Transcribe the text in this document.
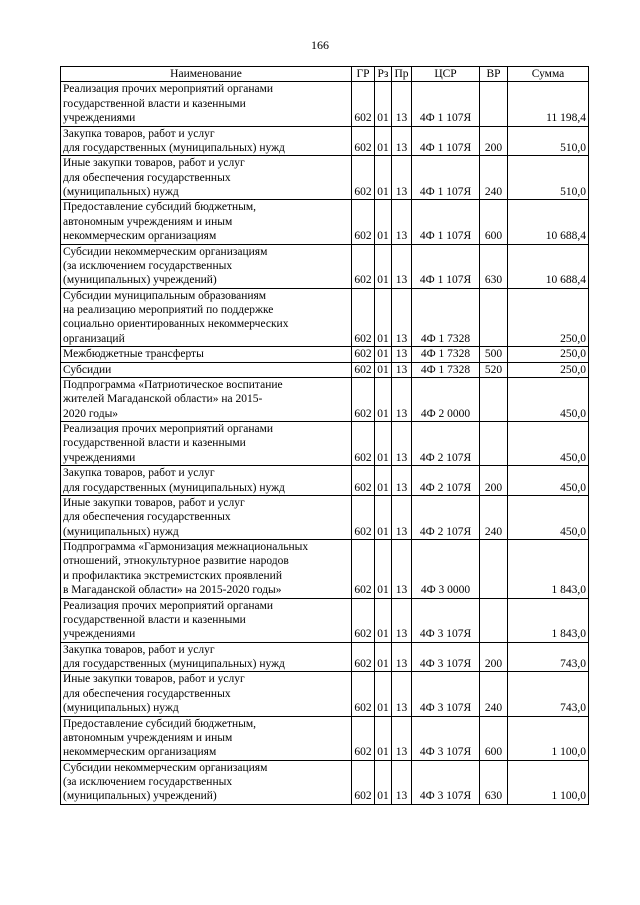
166
Наименование	ГР	Рз	Пр	ЦСР	ВР	Сумма
Реализация прочих мероприятий органами
государственной власти и казенными
учреждениями	602	01	13	4Ф 1 107Я		11 198,4
Закупка товаров, работ и услуг
для государственных (муниципальных) нужд	602	01	13	4Ф 1 107Я	200	510,0
Иные закупки товаров, работ и услуг
для обеспечения государственных
(муниципальных) нужд	602	01	13	4Ф 1 107Я	240	510,0
Предоставление субсидий бюджетным,
автономным учреждениям и иным
некоммерческим организациям	602	01	13	4Ф 1 107Я	600	10 688,4
Субсидии некоммерческим организациям
(за исключением государственных
(муниципальных) учреждений)	602	01	13	4Ф 1 107Я	630	10 688,4
Субсидии муниципальным образованиям
на реализацию мероприятий по поддержке
социально ориентированных некоммерческих
организаций	602	01	13	4Ф 1 7328		250,0
Межбюджетные трансферты	602	01	13	4Ф 1 7328	500	250,0
Субсидии	602	01	13	4Ф 1 7328	520	250,0
Подпрограмма «Патриотическое воспитание
жителей Магаданской области» на 2015-
2020 годы»	602	01	13	4Ф 2 0000		450,0
Реализация прочих мероприятий органами
государственной власти и казенными
учреждениями	602	01	13	4Ф 2 107Я		450,0
Закупка товаров, работ и услуг
для государственных (муниципальных) нужд	602	01	13	4Ф 2 107Я	200	450,0
Иные закупки товаров, работ и услуг
для обеспечения государственных
(муниципальных) нужд	602	01	13	4Ф 2 107Я	240	450,0
Подпрограмма «Гармонизация межнациональных
отношений, этнокультурное развитие народов
и профилактика экстремистских проявлений
в Магаданской области» на 2015-2020 годы»	602	01	13	4Ф 3 0000		1 843,0
Реализация прочих мероприятий органами
государственной власти и казенными
учреждениями	602	01	13	4Ф 3 107Я		1 843,0
Закупка товаров, работ и услуг
для государственных (муниципальных) нужд	602	01	13	4Ф 3 107Я	200	743,0
Иные закупки товаров, работ и услуг
для обеспечения государственных
(муниципальных) нужд	602	01	13	4Ф 3 107Я	240	743,0
Предоставление субсидий бюджетным,
автономным учреждениям и иным
некоммерческим организациям	602	01	13	4Ф 3 107Я	600	1 100,0
Субсидии некоммерческим организациям
(за исключением государственных
(муниципальных) учреждений)	602	01	13	4Ф 3 107Я	630	1 100,0
